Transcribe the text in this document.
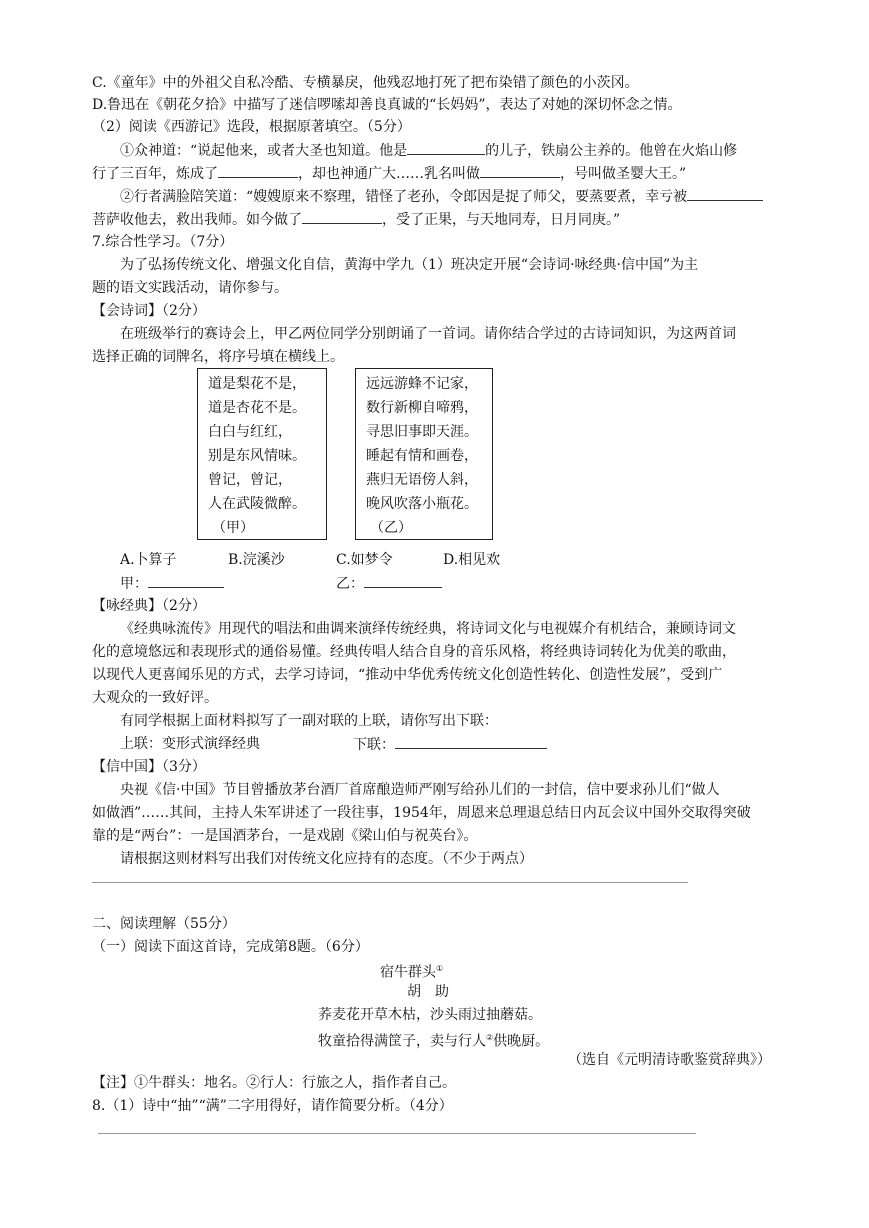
C.《童年》中的外祖父自私冷酷、专横暴戾，他残忍地打死了把布染错了颜色的小茨冈。
D.鲁迅在《朝花夕拾》中描写了迷信啰嗦却善良真诚的“长妈妈”，表达了对她的深切怀念之情。
（2）阅读《西游记》选段，根据原著填空。（5分）
①众神道：“说起他来，或者大圣也知道。他是	的儿子，铁扇公主养的。他曾在火焰山修
行了三百年，炼成了	，却也神通广大……乳名叫做	，号叫做圣婴大王。”
②行者满脸陪笑道：“嫂嫂原来不察理，错怪了老孙，令郎因是捉了师父，要蒸要煮，幸亏被
菩萨收他去，救出我师。如今做了	，受了正果，与天地同寿，日月同庚。”
7.综合性学习。（7分）
为了弘扬传统文化、增强文化自信，黄海中学九（1）班决定开展“会诗词·咏经典·信中国”为主
题的语文实践活动，请你参与。
【会诗词】（2分）
在班级举行的赛诗会上，甲乙两位同学分别朗诵了一首词。请你结合学过的古诗词知识，为这两首词
选择正确的词牌名，将序号填在横线上。
道是梨花不是，
道是杏花不是。
白白与红红，
别是东风情味。
曾记，曾记，
人在武陵微醉。
（甲）
远远游蜂不记家，
数行新柳自啼鸦，
寻思旧事即天涯。
睡起有情和画卷，
燕归无语傍人斜，
晚风吹落小瓶花。
（乙）
A.卜算子	B.浣溪沙	C.如梦令	D.相见欢
甲：	乙：
【咏经典】（2分）
《经典咏流传》用现代的唱法和曲调来演绎传统经典，将诗词文化与电视媒介有机结合，兼顾诗词文
化的意境悠远和表现形式的通俗易懂。经典传唱人结合自身的音乐风格，将经典诗词转化为优美的歌曲，
以现代人更喜闻乐见的方式，去学习诗词，“推动中华优秀传统文化创造性转化、创造性发展”，受到广
大观众的一致好评。
有同学根据上面材料拟写了一副对联的上联，请你写出下联：
上联：变形式演绎经典	下联：
【信中国】（3分）
央视《信·中国》节目曾播放茅台酒厂首席酿造师严刚写给孙儿们的一封信，信中要求孙儿们“做人
如做酒”……其间，主持人朱军讲述了一段往事，1954年，周恩来总理退总结日内瓦会议中国外交取得突破
靠的是“两台”：一是国酒茅台，一是戏剧《梁山伯与祝英台》。
请根据这则材料写出我们对传统文化应持有的态度。（不少于两点）
二、阅读理解（55分）
（一）阅读下面这首诗，完成第8题。（6分）
宿牛群头①
胡　助
荞麦花开草木枯，沙头雨过抽蘑菇。
牧童拾得满筐子，卖与行人②供晚厨。
（选自《元明清诗歌鉴赏辞典》）
【注】①牛群头：地名。②行人：行旅之人，指作者自己。
8.（1）诗中“抽”“满”二字用得好，请作简要分析。（4分）
